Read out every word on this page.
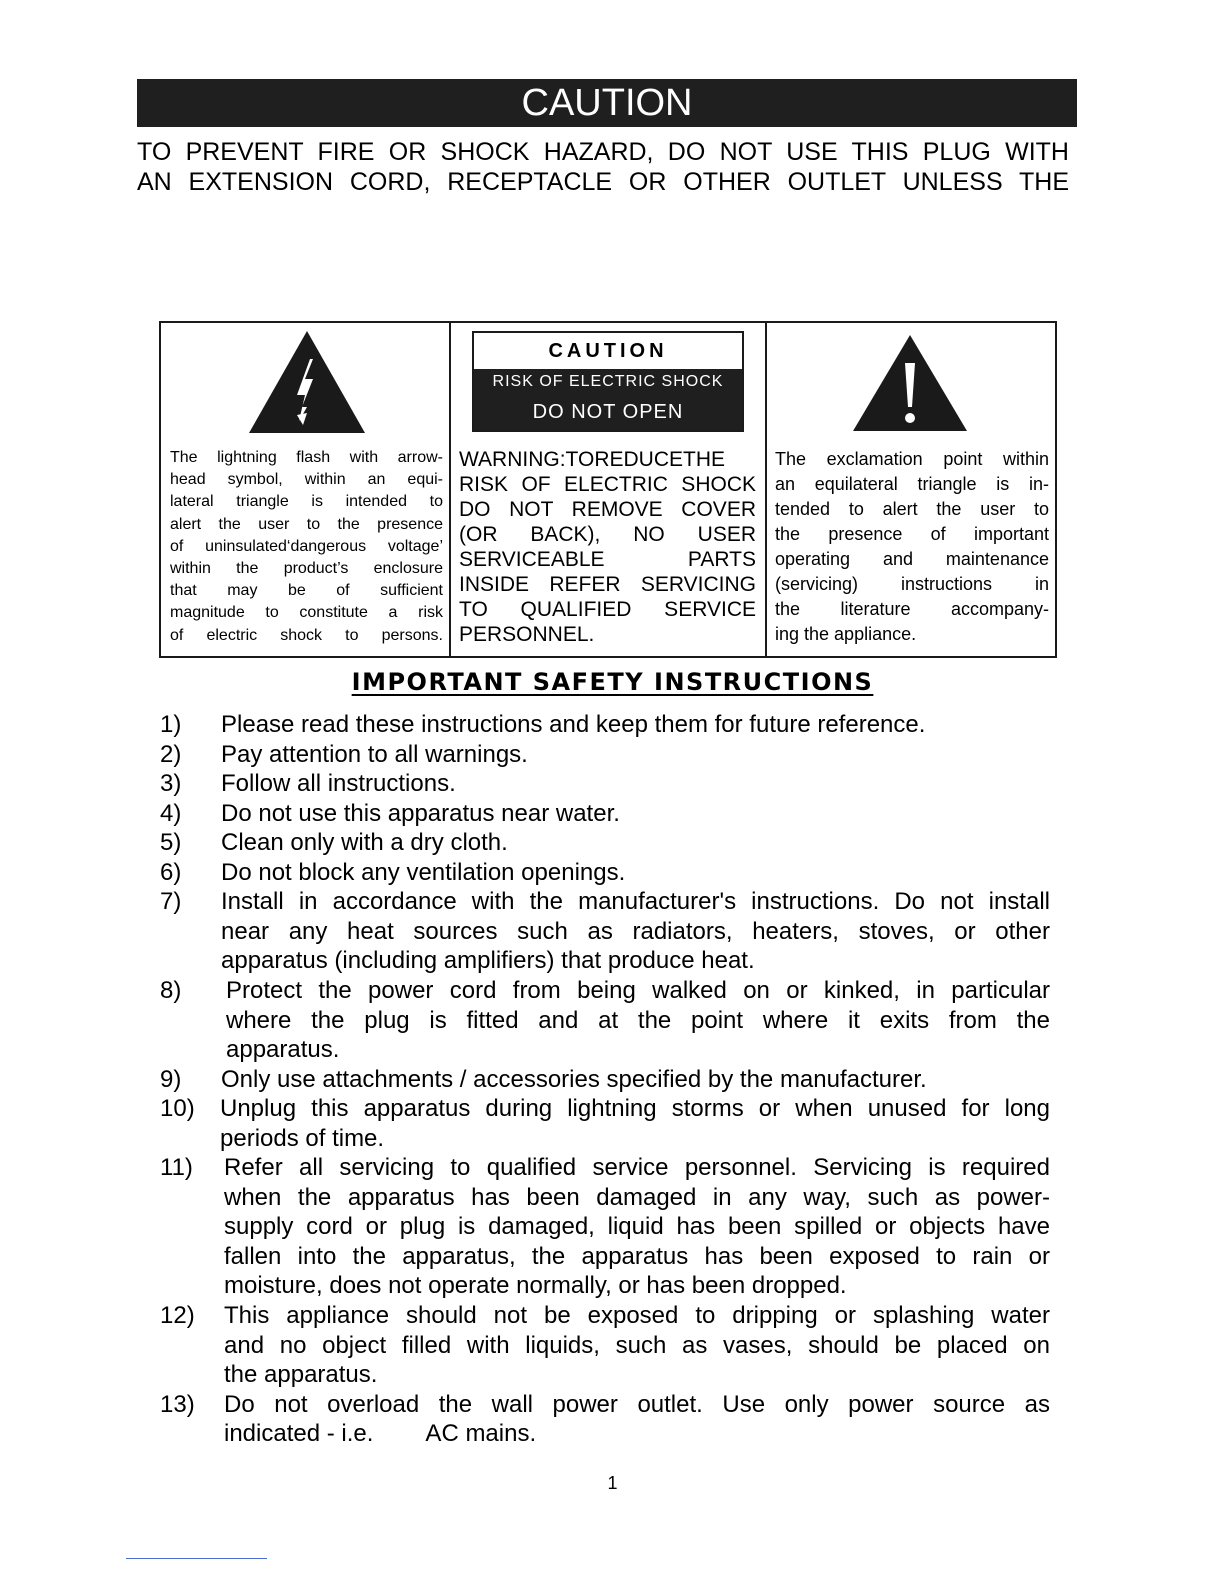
CAUTION
TO PREVENT FIRE OR SHOCK HAZARD, DO NOT USE THIS PLUG WITH
AN EXTENSION CORD, RECEPTACLE OR OTHER OUTLET UNLESS THE
CAUTION
RISK OF ELECTRIC SHOCK
DO NOT OPEN
The lightning flash with arrow-
head symbol, within an equi-
lateral triangle is intended to
alert the user to the presence
of uninsulated‘dangerous voltage’
within the product’s enclosure
that may be of sufficient
magnitude to constitute a risk
of electric shock to persons.
WARNING:TOREDUCETHE
RISK OF ELECTRIC SHOCK
DO NOT REMOVE COVER
(OR BACK), NO USER
SERVICEABLE PARTS
INSIDE REFER SERVICING
TO QUALIFIED SERVICE
PERSONNEL.
The exclamation point within
an equilateral triangle is in-
tended to alert the user to
the presence of important
operating and maintenance
(servicing) instructions in
the literature accompany-
ing the appliance.
IMPORTANT SAFETY INSTRUCTIONS
1) Please read these instructions and keep them for future reference.
2) Pay attention to all warnings.
3) Follow all instructions.
4) Do not use this apparatus near water.
5) Clean only with a dry cloth.
6) Do not block any ventilation openings.
7) Install in accordance with the manufacturer's instructions. Do not install
near any heat sources such as radiators, heaters, stoves, or other
apparatus (including amplifiers) that produce heat.
8) Protect the power cord from being walked on or kinked, in particular
where the plug is fitted and at the point where it exits from the
apparatus.
9) Only use attachments / accessories specified by the manufacturer.
10) Unplug this apparatus during lightning storms or when unused for long
periods of time.
11) Refer all servicing to qualified service personnel. Servicing is required
when the apparatus has been damaged in any way, such as power-
supply cord or plug is damaged, liquid has been spilled or objects have
fallen into the apparatus, the apparatus has been exposed to rain or
moisture, does not operate normally, or has been dropped.
12) This appliance should not be exposed to dripping or splashing water
and no object filled with liquids, such as vases, should be placed on
the apparatus.
13) Do not overload the wall power outlet. Use only power source as
indicated - i.e.        AC mains.
1
